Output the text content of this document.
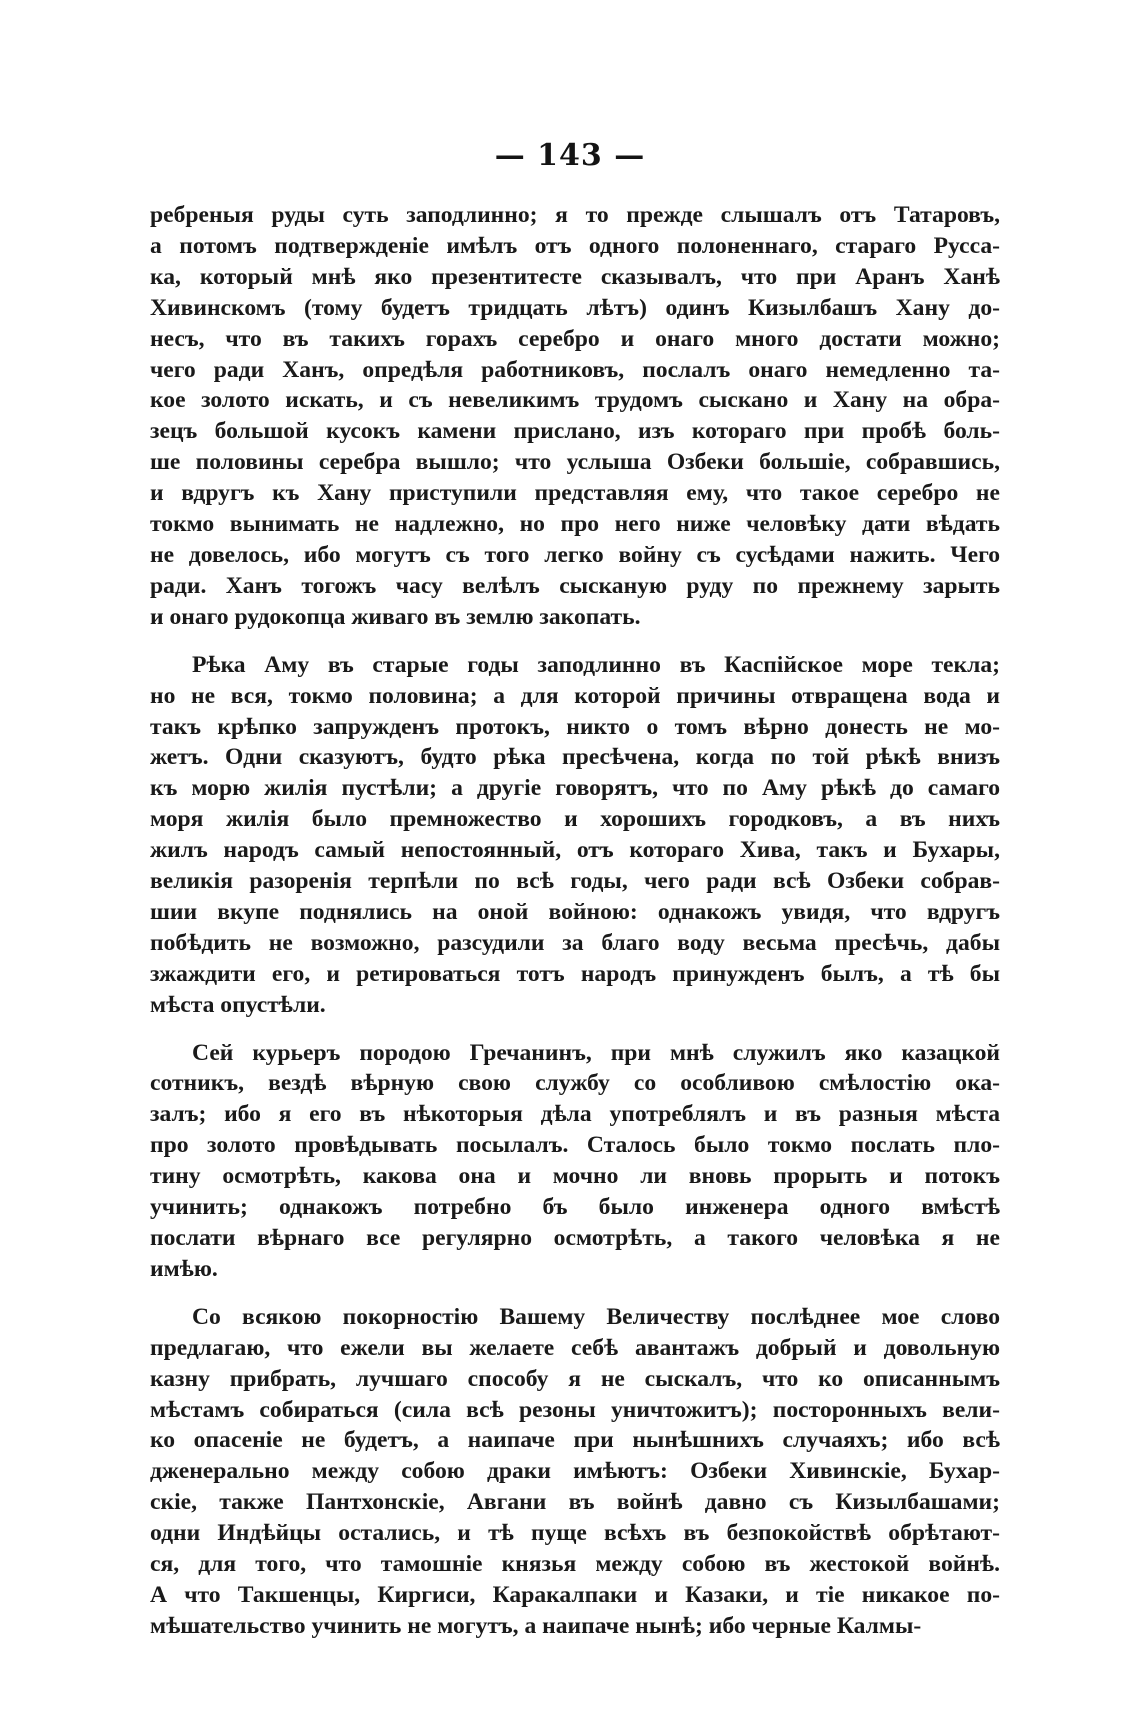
— 143 —

ребреныя руды суть заподлинно; я то прежде слышалъ отъ Татаровъ,
а потомъ подтвержденіе имѣлъ отъ одного полоненнаго, стараго Русса-
ка, который мнѣ яко презентитесте сказывалъ, что при Аранъ Ханѣ
Хивинскомъ (тому будетъ тридцать лѣтъ) одинъ Кизылбашъ Хану до-
несъ, что въ такихъ горахъ серебро и онаго много достати можно;
чего ради Ханъ, опредѣля работниковъ, послалъ онаго немедленно та-
кое золото искать, и съ невеликимъ трудомъ сыскано и Хану на обра-
зецъ большой кусокъ камени прислано, изъ котораго при пробѣ боль-
ше половины серебра вышло; что услыша Озбеки большіе, собравшись,
и вдругъ къ Хану приступили представляя ему, что такое серебро не
токмо вынимать не надлежно, но про него ниже человѣку дати вѣдать
не довелось, ибо могутъ съ того легко войну съ сусѣдами нажить. Чего
ради. Ханъ тогожъ часу велѣлъ сысканую руду по прежнему зарыть
и онаго рудокопца живаго въ землю закопать.

Рѣка Аму въ старые годы заподлинно въ Каспійское море текла;
но не вся, токмо половина; а для которой причины отвращена вода и
такъ крѣпко запружденъ протокъ, никто о томъ вѣрно донесть не мо-
жетъ. Одни сказуютъ, будто рѣка пресѣчена, когда по той рѣкѣ внизъ
къ морю жилія пустѣли; а другіе говорятъ, что по Аму рѣкѣ до самаго
моря жилія было премножество и хорошихъ городковъ, а въ нихъ
жилъ народъ самый непостоянный, отъ котораго Хива, такъ и Бухары,
великія разоренія терпѣли по всѣ годы, чего ради всѣ Озбеки собрав-
шии вкупе поднялись на оной войною: однакожъ увидя, что вдругъ
побѣдить не возможно, разсудили за благо воду весьма пресѣчь, дабы
зжаждити его, и ретироваться тотъ народъ принужденъ былъ, а тѣ бы
мѣста опустѣли.

Сей курьеръ породою Гречанинъ, при мнѣ служилъ яко казацкой
сотникъ, вездѣ вѣрную свою службу со особливою смѣлостію ока-
залъ; ибо я его въ нѣкоторыя дѣла употреблялъ и въ разныя мѣста
про золото провѣдывать посылалъ. Сталось было токмо послать пло-
тину осмотрѣть, какова она и мочно ли вновь прорыть и потокъ
учинить; однакожъ потребно бъ было инженера одного вмѣстѣ
послати вѣрнаго все регулярно осмотрѣть, а такого человѣка я не
имѣю.

Со всякою покорностію Вашему Величеству послѣднее мое слово
предлагаю, что ежели вы желаете себѣ авантажъ добрый и довольную
казну прибрать, лучшаго способу я не сыскалъ, что ко описаннымъ
мѣстамъ собираться (сила всѣ резоны уничтожитъ); посторонныхъ вели-
ко опасеніе не будетъ, а наипаче при нынѣшнихъ случаяхъ; ибо всѣ
дженерально между собою драки имѣютъ: Озбеки Хивинскіе, Бухар-
скіе, также Пантхонскіе, Авгани въ войнѣ давно съ Кизылбашами;
одни Индѣйцы остались, и тѣ пуще всѣхъ въ безпокойствѣ обрѣтают-
ся, для того, что тамошніе князья между собою въ жестокой войнѣ.
А что Такшенцы, Киргиси, Каракалпаки и Казаки, и тіе никакое по-
мѣшательство учинить не могутъ, а наипаче нынѣ; ибо черные Калмы-
